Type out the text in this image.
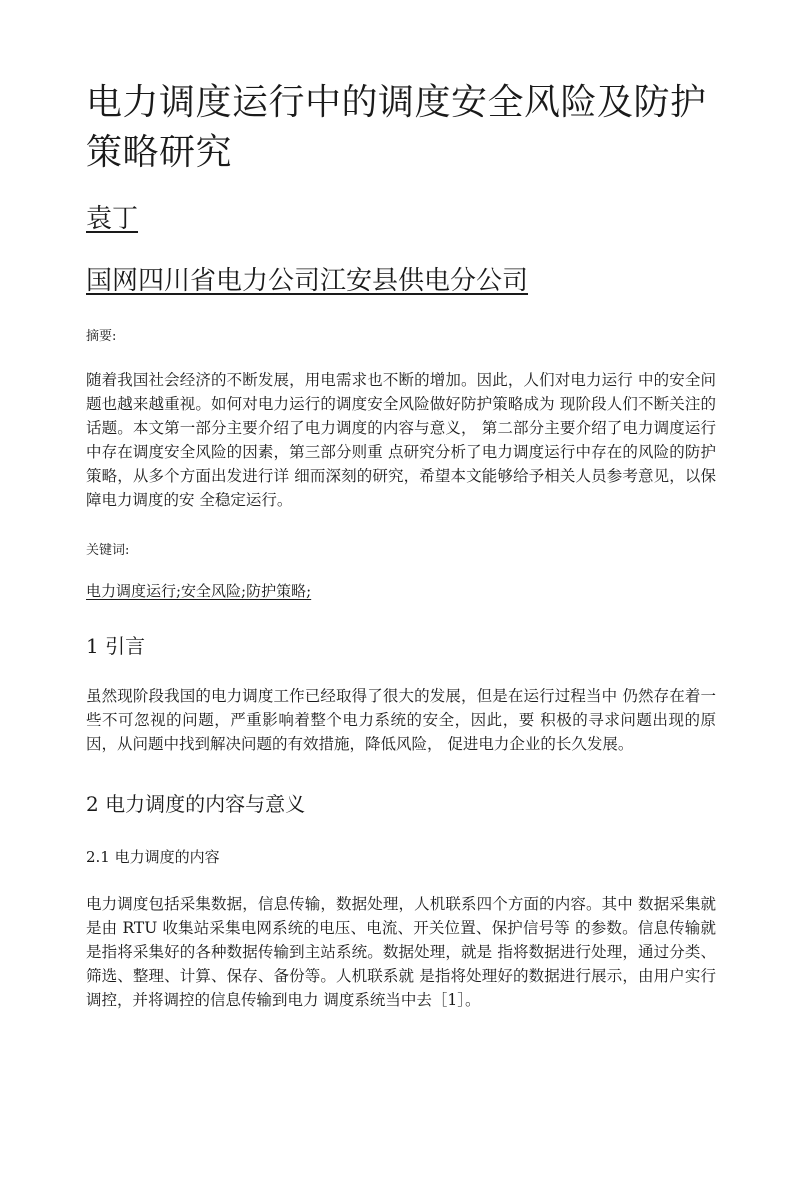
电力调度运行中的调度安全风险及防护策略研究
袁丁
国网四川省电力公司江安县供电分公司
摘要:

随着我国社会经济的不断发展，用电需求也不断的增加。因此，人们对电力运行 中的安全问题也越来越重视。如何对电力运行的调度安全风险做好防护策略成为 现阶段人们不断关注的话题。本文第一部分主要介绍了电力调度的内容与意义， 第二部分主要介绍了电力调度运行中存在调度安全风险的因素，第三部分则重 点研究分析了电力调度运行中存在的风险的防护策略，从多个方面出发进行详 细而深刻的研究，希望本文能够给予相关人员参考意见，以保障电力调度的安 全稳定运行。

关键词:
电力调度运行;安全风险;防护策略;
1 引言

虽然现阶段我国的电力调度工作已经取得了很大的发展，但是在运行过程当中 仍然存在着一些不可忽视的问题，严重影响着整个电力系统的安全，因此，要 积极的寻求问题出现的原因，从问题中找到解决问题的有效措施，降低风险， 促进电力企业的长久发展。

2 电力调度的内容与意义
2.1 电力调度的内容

电力调度包括采集数据，信息传输，数据处理，人机联系四个方面的内容。其中 数据采集就是由 RTU 收集站采集电网系统的电压、电流、开关位置、保护信号等 的参数。信息传输就是指将采集好的各种数据传输到主站系统。数据处理，就是 指将数据进行处理，通过分类、筛选、整理、计算、保存、备份等。人机联系就 是指将处理好的数据进行展示，由用户实行调控，并将调控的信息传输到电力 调度系统当中去［1］。
